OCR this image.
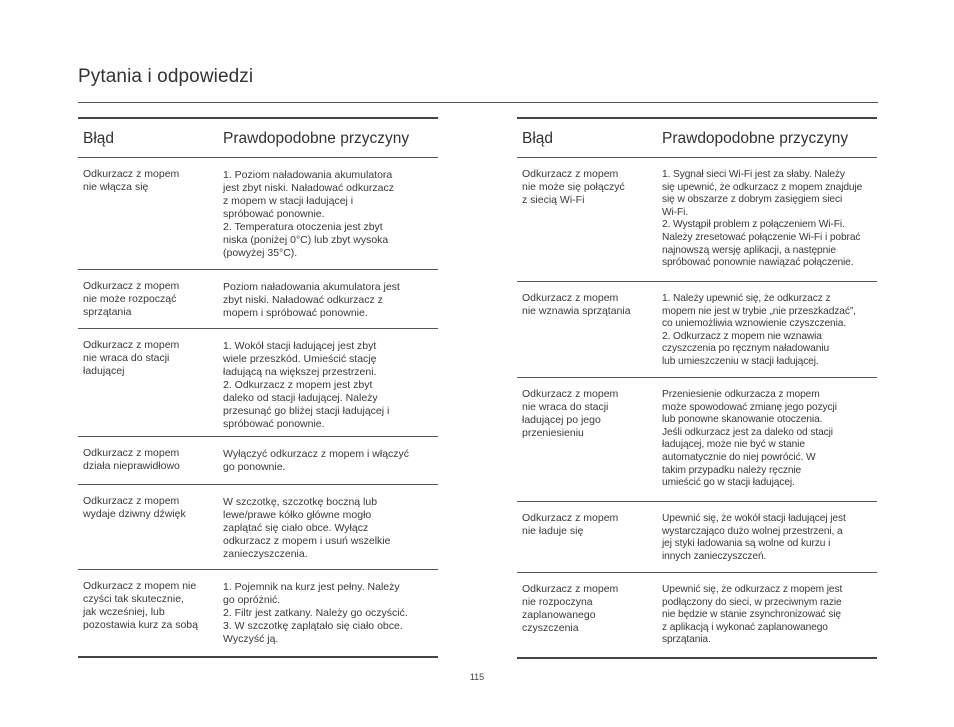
Pytania i odpowiedzi
Błąd	Prawdopodobne przyczyny
Odkurzacz z mopem
nie włącza się
1. Poziom naładowania akumulatora
jest zbyt niski. Naładować odkurzacz
z mopem w stacji ładującej i
spróbować ponownie.
2. Temperatura otoczenia jest zbyt
niska (poniżej 0°C) lub zbyt wysoka
(powyżej 35°C).
Odkurzacz z mopem
nie może rozpocząć
sprzątania
Poziom naładowania akumulatora jest
zbyt niski. Naładować odkurzacz z
mopem i spróbować ponownie.
Odkurzacz z mopem
nie wraca do stacji
ładującej
1. Wokół stacji ładującej jest zbyt
wiele przeszkód. Umieścić stację
ładującą na większej przestrzeni.
2. Odkurzacz z mopem jest zbyt
daleko od stacji ładującej. Należy
przesunąć go bliżej stacji ładującej i
spróbować ponownie.
Odkurzacz z mopem
działa nieprawidłowo
Wyłączyć odkurzacz z mopem i włączyć
go ponownie.
Odkurzacz z mopem
wydaje dziwny dźwięk
W szczotkę, szczotkę boczną lub
lewe/prawe kółko główne mogło
zaplątać się ciało obce. Wyłącz
odkurzacz z mopem i usuń wszelkie
zanieczyszczenia.
Odkurzacz z mopem nie
czyści tak skutecznie,
jak wcześniej, lub
pozostawia kurz za sobą
1. Pojemnik na kurz jest pełny. Należy
go opróżnić.
2. Filtr jest zatkany. Należy go oczyścić.
3. W szczotkę zaplątało się ciało obce.
Wyczyść ją.
Błąd	Prawdopodobne przyczyny
Odkurzacz z mopem
nie może się połączyć
z siecią Wi-Fi
1. Sygnał sieci Wi-Fi jest za słaby. Należy
się upewnić, że odkurzacz z mopem znajduje
się w obszarze z dobrym zasięgiem sieci
Wi-Fi.
2. Wystąpił problem z połączeniem Wi-Fi.
Należy zresetować połączenie Wi-Fi i pobrać
najnowszą wersję aplikacji, a następnie
spróbować ponownie nawiązać połączenie.
Odkurzacz z mopem
nie wznawia sprzątania
1. Należy upewnić się, że odkurzacz z
mopem nie jest w trybie „nie przeszkadzać”,
co uniemożliwia wznowienie czyszczenia.
2. Odkurzacz z mopem nie wznawia
czyszczenia po ręcznym naładowaniu
lub umieszczeniu w stacji ładującej.
Odkurzacz z mopem
nie wraca do stacji
ładującej po jego
przeniesieniu
Przeniesienie odkurzacza z mopem
może spowodować zmianę jego pozycji
lub ponowne skanowanie otoczenia.
Jeśli odkurzacz jest za daleko od stacji
ładującej, może nie być w stanie
automatycznie do niej powrócić. W
takim przypadku należy ręcznie
umieścić go w stacji ładującej.
Odkurzacz z mopem
nie ładuje się
Upewnić się, że wokół stacji ładującej jest
wystarczająco dużo wolnej przestrzeni, a
jej styki ładowania są wolne od kurzu i
innych zanieczyszczeń.
Odkurzacz z mopem
nie rozpoczyna
zaplanowanego
czyszczenia
Upewnić się, że odkurzacz z mopem jest
podłączony do sieci, w przeciwnym razie
nie będzie w stanie zsynchronizować się
z aplikacją i wykonać zaplanowanego
sprzątania.
115
